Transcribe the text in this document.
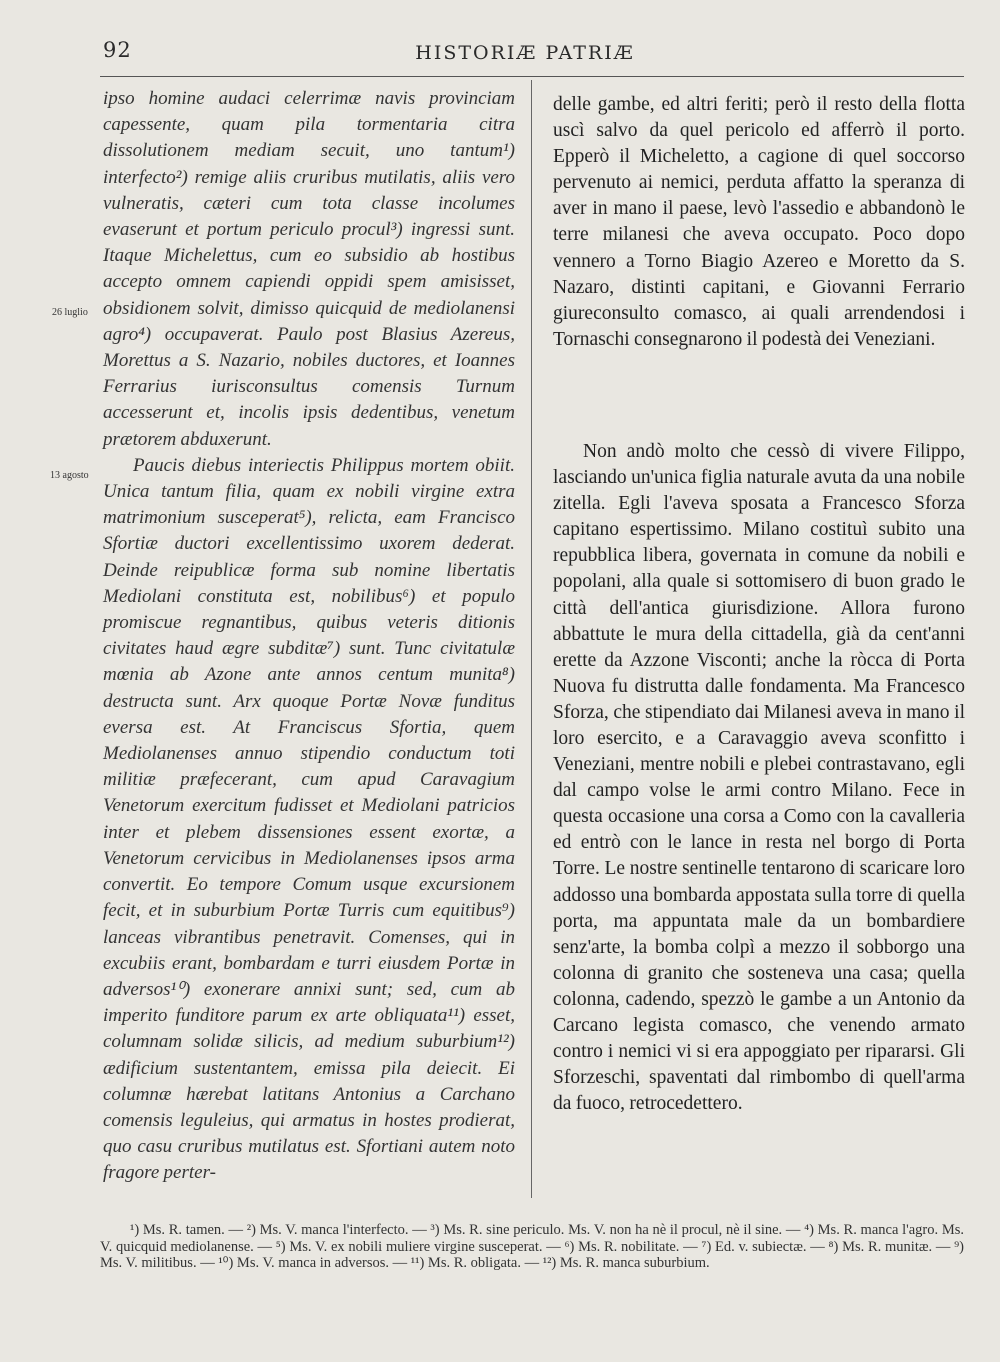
92	HISTORIÆ PATRIÆ
26 luglio
13 agosto

ipso homine audaci celerrimæ navis provinciam capessente, quam pila tormentaria citra dissolutionem mediam secuit, uno tantum¹) interfecto²) remige aliis cruribus mutilatis, aliis vero vulneratis, cæteri cum tota classe incolumes evaserunt et portum periculo procul³) ingressi sunt. Itaque Michelettus, cum eo subsidio ab hostibus accepto omnem capiendi oppidi spem amisisset, obsidionem solvit, dimisso quicquid de mediolanensi agro⁴) occupaverat. Paulo post Blasius Azereus, Morettus a S. Nazario, nobiles ductores, et Ioannes Ferrarius iurisconsultus comensis Turnum accesserunt et, incolis ipsis dedentibus, venetum prætorem abduxerunt.

Paucis diebus interiectis Philippus mortem obiit. Unica tantum filia, quam ex nobili virgine extra matrimonium susceperat⁵), relicta, eam Francisco Sfortiæ ductori excellentissimo uxorem dederat. Deinde reipublicæ forma sub nomine libertatis Mediolani constituta est, nobilibus⁶) et populo promiscue regnantibus, quibus veteris ditionis civitates haud ægre subditæ⁷) sunt. Tunc civitatulæ mœnia ab Azone ante annos centum munita⁸) destructa sunt. Arx quoque Portæ Novæ funditus eversa est. At Franciscus Sfortia, quem Mediolanenses annuo stipendio conductum toti militiæ præfecerant, cum apud Caravagium Venetorum exercitum fudisset et Mediolani patricios inter et plebem dissensiones essent exortæ, a Venetorum cervicibus in Mediolanenses ipsos arma convertit. Eo tempore Comum usque excursionem fecit, et in suburbium Portæ Turris cum equitibus⁹) lanceas vibrantibus penetravit. Comenses, qui in excubiis erant, bombardam e turri eiusdem Portæ in adversos¹⁰) exonerare annixi sunt; sed, cum ab imperito funditore parum ex arte obliquata¹¹) esset, columnam solidæ silicis, ad medium suburbium¹²) ædificium sustentantem, emissa pila deiecit. Ei columnæ hærebat latitans Antonius a Carchano comensis leguleius, qui armatus in hostes prodierat, quo casu cruribus mutilatus est. Sfortiani autem noto fragore perter-

delle gambe, ed altri feriti; però il resto della flotta uscì salvo da quel pericolo ed afferrò il porto. Epperò il Micheletto, a cagione di quel soccorso pervenuto ai nemici, perduta affatto la speranza di aver in mano il paese, levò l'assedio e abbandonò le terre milanesi che aveva occupato. Poco dopo vennero a Torno Biagio Azereo e Moretto da S. Nazaro, distinti capitani, e Giovanni Ferrario giureconsulto comasco, ai quali arrendendosi i Tornaschi consegnarono il podestà dei Veneziani.

Non andò molto che cessò di vivere Filippo, lasciando un'unica figlia naturale avuta da una nobile zitella. Egli l'aveva sposata a Francesco Sforza capitano espertissimo. Milano costituì subito una repubblica libera, governata in comune da nobili e popolani, alla quale si sottomisero di buon grado le città dell'antica giurisdizione. Allora furono abbattute le mura della cittadella, già da cent'anni erette da Azzone Visconti; anche la ròcca di Porta Nuova fu distrutta dalle fondamenta. Ma Francesco Sforza, che stipendiato dai Milanesi aveva in mano il loro esercito, e a Caravaggio aveva sconfitto i Veneziani, mentre nobili e plebei contrastavano, egli dal campo volse le armi contro Milano. Fece in questa occasione una corsa a Como con la cavalleria ed entrò con le lance in resta nel borgo di Porta Torre. Le nostre sentinelle tentarono di scaricare loro addosso una bombarda appostata sulla torre di quella porta, ma appuntata male da un bombardiere senz'arte, la bomba colpì a mezzo il sobborgo una colonna di granito che sosteneva una casa; quella colonna, cadendo, spezzò le gambe a un Antonio da Carcano legista comasco, che venendo armato contro i nemici vi si era appoggiato per ripararsi. Gli Sforzeschi, spaventati dal rimbombo di quell'arma da fuoco, retrocedettero.

¹) Ms. R. tamen. — ²) Ms. V. manca l'interfecto. — ³) Ms. R. sine periculo. Ms. V. non ha nè il procul, nè il sine. — ⁴) Ms. R. manca l'agro. Ms. V. quicquid mediolanense. — ⁵) Ms. V. ex nobili muliere virgine susceperat. — ⁶) Ms. R. nobilitate. — ⁷) Ed. v. subiectæ. — ⁸) Ms. R. munitæ. — ⁹) Ms. V. militibus. — ¹⁰) Ms. V. manca in adversos. — ¹¹) Ms. R. obligata. — ¹²) Ms. R. manca suburbium.
